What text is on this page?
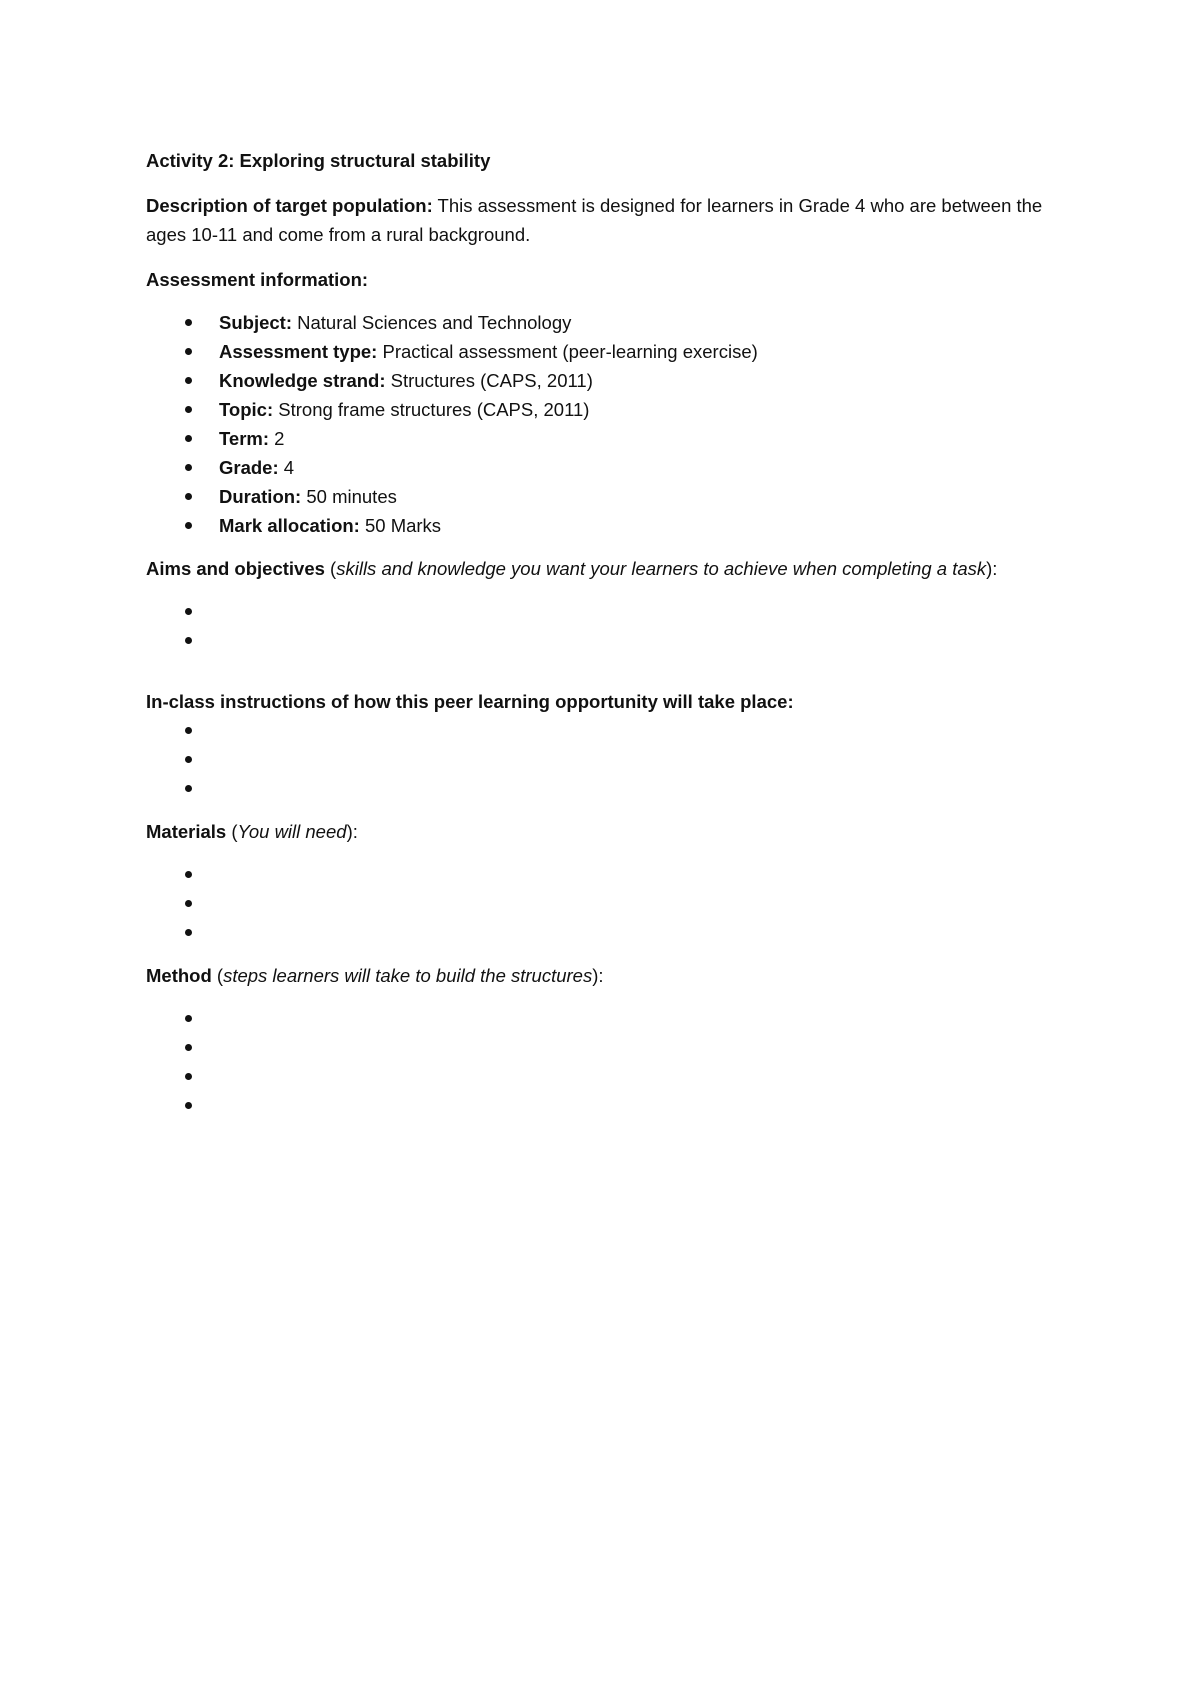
Activity 2: Exploring structural stability
Description of target population: This assessment is designed for learners in Grade 4 who are between the ages 10-11 and come from a rural background.
Assessment information:
Subject: Natural Sciences and Technology
Assessment type: Practical assessment (peer-learning exercise)
Knowledge strand: Structures (CAPS, 2011)
Topic: Strong frame structures (CAPS, 2011)
Term: 2
Grade: 4
Duration: 50 minutes
Mark allocation: 50 Marks
Aims and objectives (skills and knowledge you want your learners to achieve when completing a task):
In-class instructions of how this peer learning opportunity will take place:
Materials (You will need):
Method (steps learners will take to build the structures):
